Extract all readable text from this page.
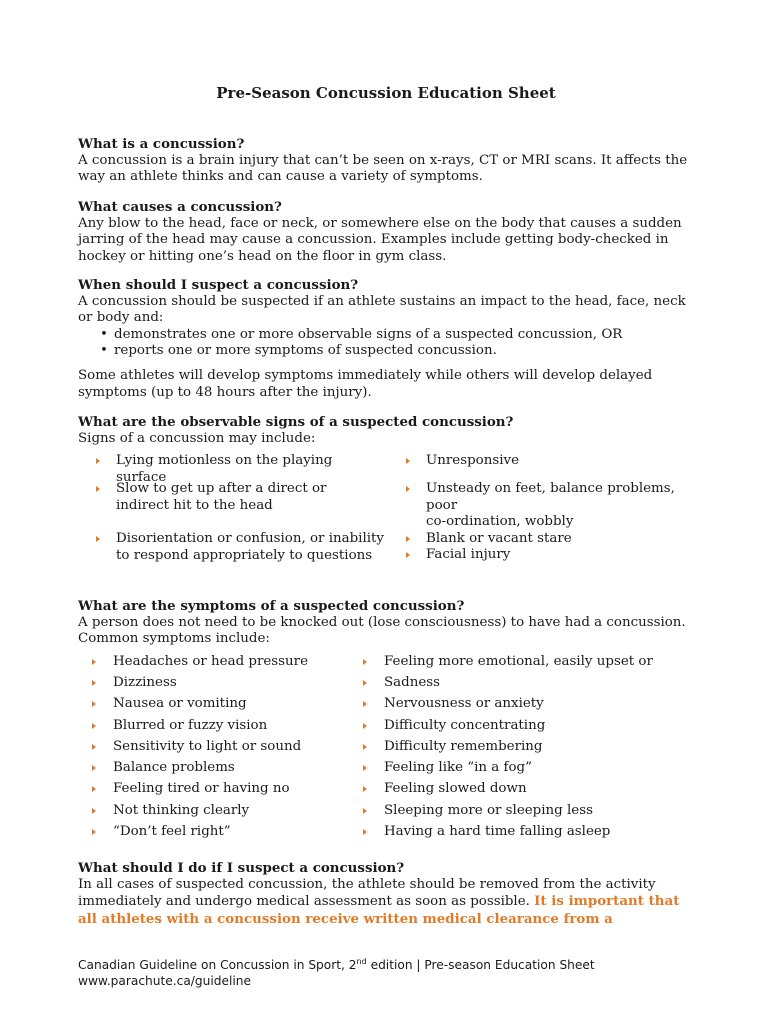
Pre-Season Concussion Education Sheet
What is a concussion?
A concussion is a brain injury that can’t be seen on x-rays, CT or MRI scans. It affects the way an athlete thinks and can cause a variety of symptoms.
What causes a concussion?
Any blow to the head, face or neck, or somewhere else on the body that causes a sudden jarring of the head may cause a concussion. Examples include getting body-checked in hockey or hitting one’s head on the floor in gym class.
When should I suspect a concussion?
A concussion should be suspected if an athlete sustains an impact to the head, face, neck or body and:
• demonstrates one or more observable signs of a suspected concussion, OR
• reports one or more symptoms of suspected concussion.
Some athletes will develop symptoms immediately while others will develop delayed symptoms (up to 48 hours after the injury).
What are the observable signs of a suspected concussion?
Signs of a concussion may include:
Lying motionless on the playing surface
Slow to get up after a direct or indirect hit to the head
Disorientation or confusion, or inability to respond appropriately to questions
Unresponsive
Unsteady on feet, balance problems, poor
co-ordination, wobbly
Blank or vacant stare
Facial injury
What are the symptoms of a suspected concussion?
A person does not need to be knocked out (lose consciousness) to have had a concussion. Common symptoms include:
Headaches or head pressure
Dizziness
Nausea or vomiting
Blurred or fuzzy vision
Sensitivity to light or sound
Balance problems
Feeling tired or having no
Not thinking clearly
“Don’t feel right”
Feeling more emotional, easily upset or
Sadness
Nervousness or anxiety
Difficulty concentrating
Difficulty remembering
Feeling like “in a fog”
Feeling slowed down
Sleeping more or sleeping less
Having a hard time falling asleep
What should I do if I suspect a concussion?
In all cases of suspected concussion, the athlete should be removed from the activity immediately and undergo medical assessment as soon as possible. It is important that all athletes with a concussion receive written medical clearance from a
Canadian Guideline on Concussion in Sport, 2nd edition | Pre-season Education Sheet
www.parachute.ca/guideline
